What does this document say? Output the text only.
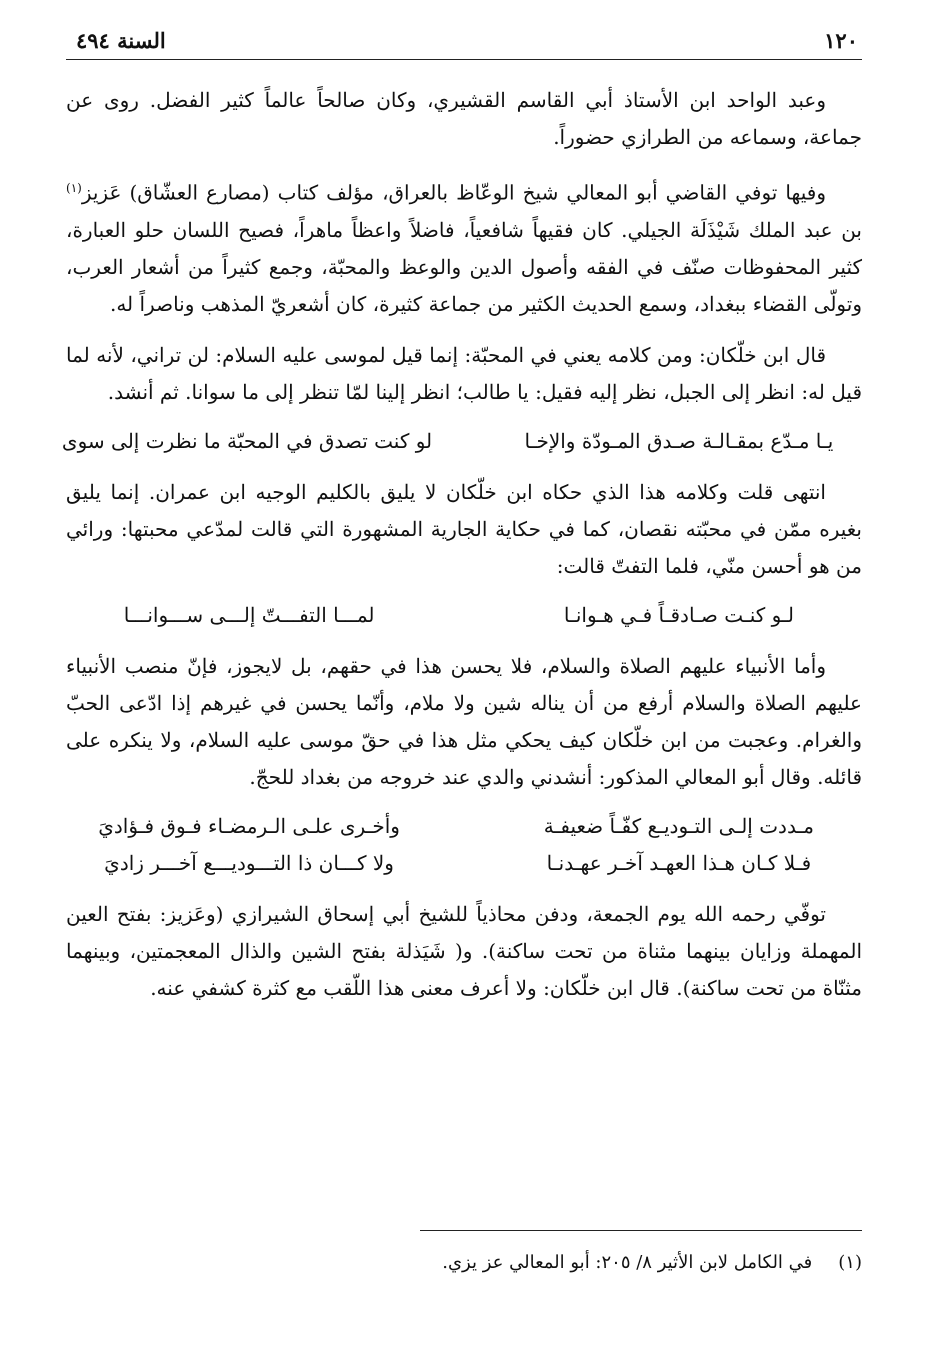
١٢٠
السنة ٤٩٤

وعبد الواحد ابن الأستاذ أبي القاسم القشيري، وكان صالحاً عالماً كثير الفضل. روى عن جماعة، وسماعه من الطرازي حضوراً.

وفيها توفي القاضي أبو المعالي شيخ الوعّاظ بالعراق، مؤلف كتاب (مصارع العشّاق) عَزيز$^{(١)}$ بن عبد الملك شَيْذَلَة الجيلي. كان فقيهاً شافعياً، فاضلاً واعظاً ماهراً، فصيح اللسان حلو العبارة، كثير المحفوظات صنّف في الفقه وأصول الدين والوعظ والمحبّة، وجمع كثيراً من أشعار العرب، وتولّى القضاء ببغداد، وسمع الحديث الكثير من جماعة كثيرة، كان أشعريّ المذهب وناصراً له.

قال ابن خلّكان: ومن كلامه يعني في المحبّة: إنما قيل لموسى عليه السلام: لن تراني، لأنه لما قيل له: انظر إلى الجبل، نظر إليه فقيل: يا طالب؛ انظر إلينا لمّا تنظر إلى ما سوانا. ثم أنشد.

يـا مـدّع بمقـالـة صـدق المـودّة والإخـا
لو كنت تصدق في المحبّة ما نظرت إلى سوى

انتهى قلت وكلامه هذا الذي حكاه ابن خلّكان لا يليق بالكليم الوجيه ابن عمران. إنما يليق بغيره ممّن في محبّته نقصان، كما في حكاية الجارية المشهورة التي قالت لمدّعي محبتها: ورائي من هو أحسن منّي، فلما التفتّ قالت:

لـو كنـت صـادقـاً فـي هـوانـا
لمـــا التفـــتّ إلـــى ســـوانـــا

وأما الأنبياء عليهم الصلاة والسلام، فلا يحسن هذا في حقهم، بل لايجوز، فإنّ منصب الأنبياء عليهم الصلاة والسلام أرفع من أن يناله شين ولا ملام، وأنّما يحسن في غيرهم إذا ادّعى الحبّ والغرام. وعجبت من ابن خلّكان كيف يحكي مثل هذا في حقّ موسى عليه السلام، ولا ينكره على قائله. وقال أبو المعالي المذكور: أنشدني والدي عند خروجه من بغداد للحجّ.

مـددت إلـى التـوديـع كفّـاً ضعيفـة
وأخـرى علـى الـرمضـاء فـوق فـؤاديَ
فـلا كـان هـذا العهـد آخـر عهـدنـا
ولا كـــان ذا التـــوديـــع آخـــر زاديَ

توفّي رحمه الله يوم الجمعة، ودفن محاذياً للشيخ أبي إسحاق الشيرازي (وعَزيز: بفتح العين المهملة وزايان بينهما مثناة من تحت ساكنة). و( شَيَذلة بفتح الشين والذال المعجمتين، وبينهما مثنّاة من تحت ساكنة). قال ابن خلّكان: ولا أعرف معنى هذا اللّقب مع كثرة كشفي عنه.

(١) في الكامل لابن الأثير ٨/ ٢٠٥: أبو المعالي عز يزي.
